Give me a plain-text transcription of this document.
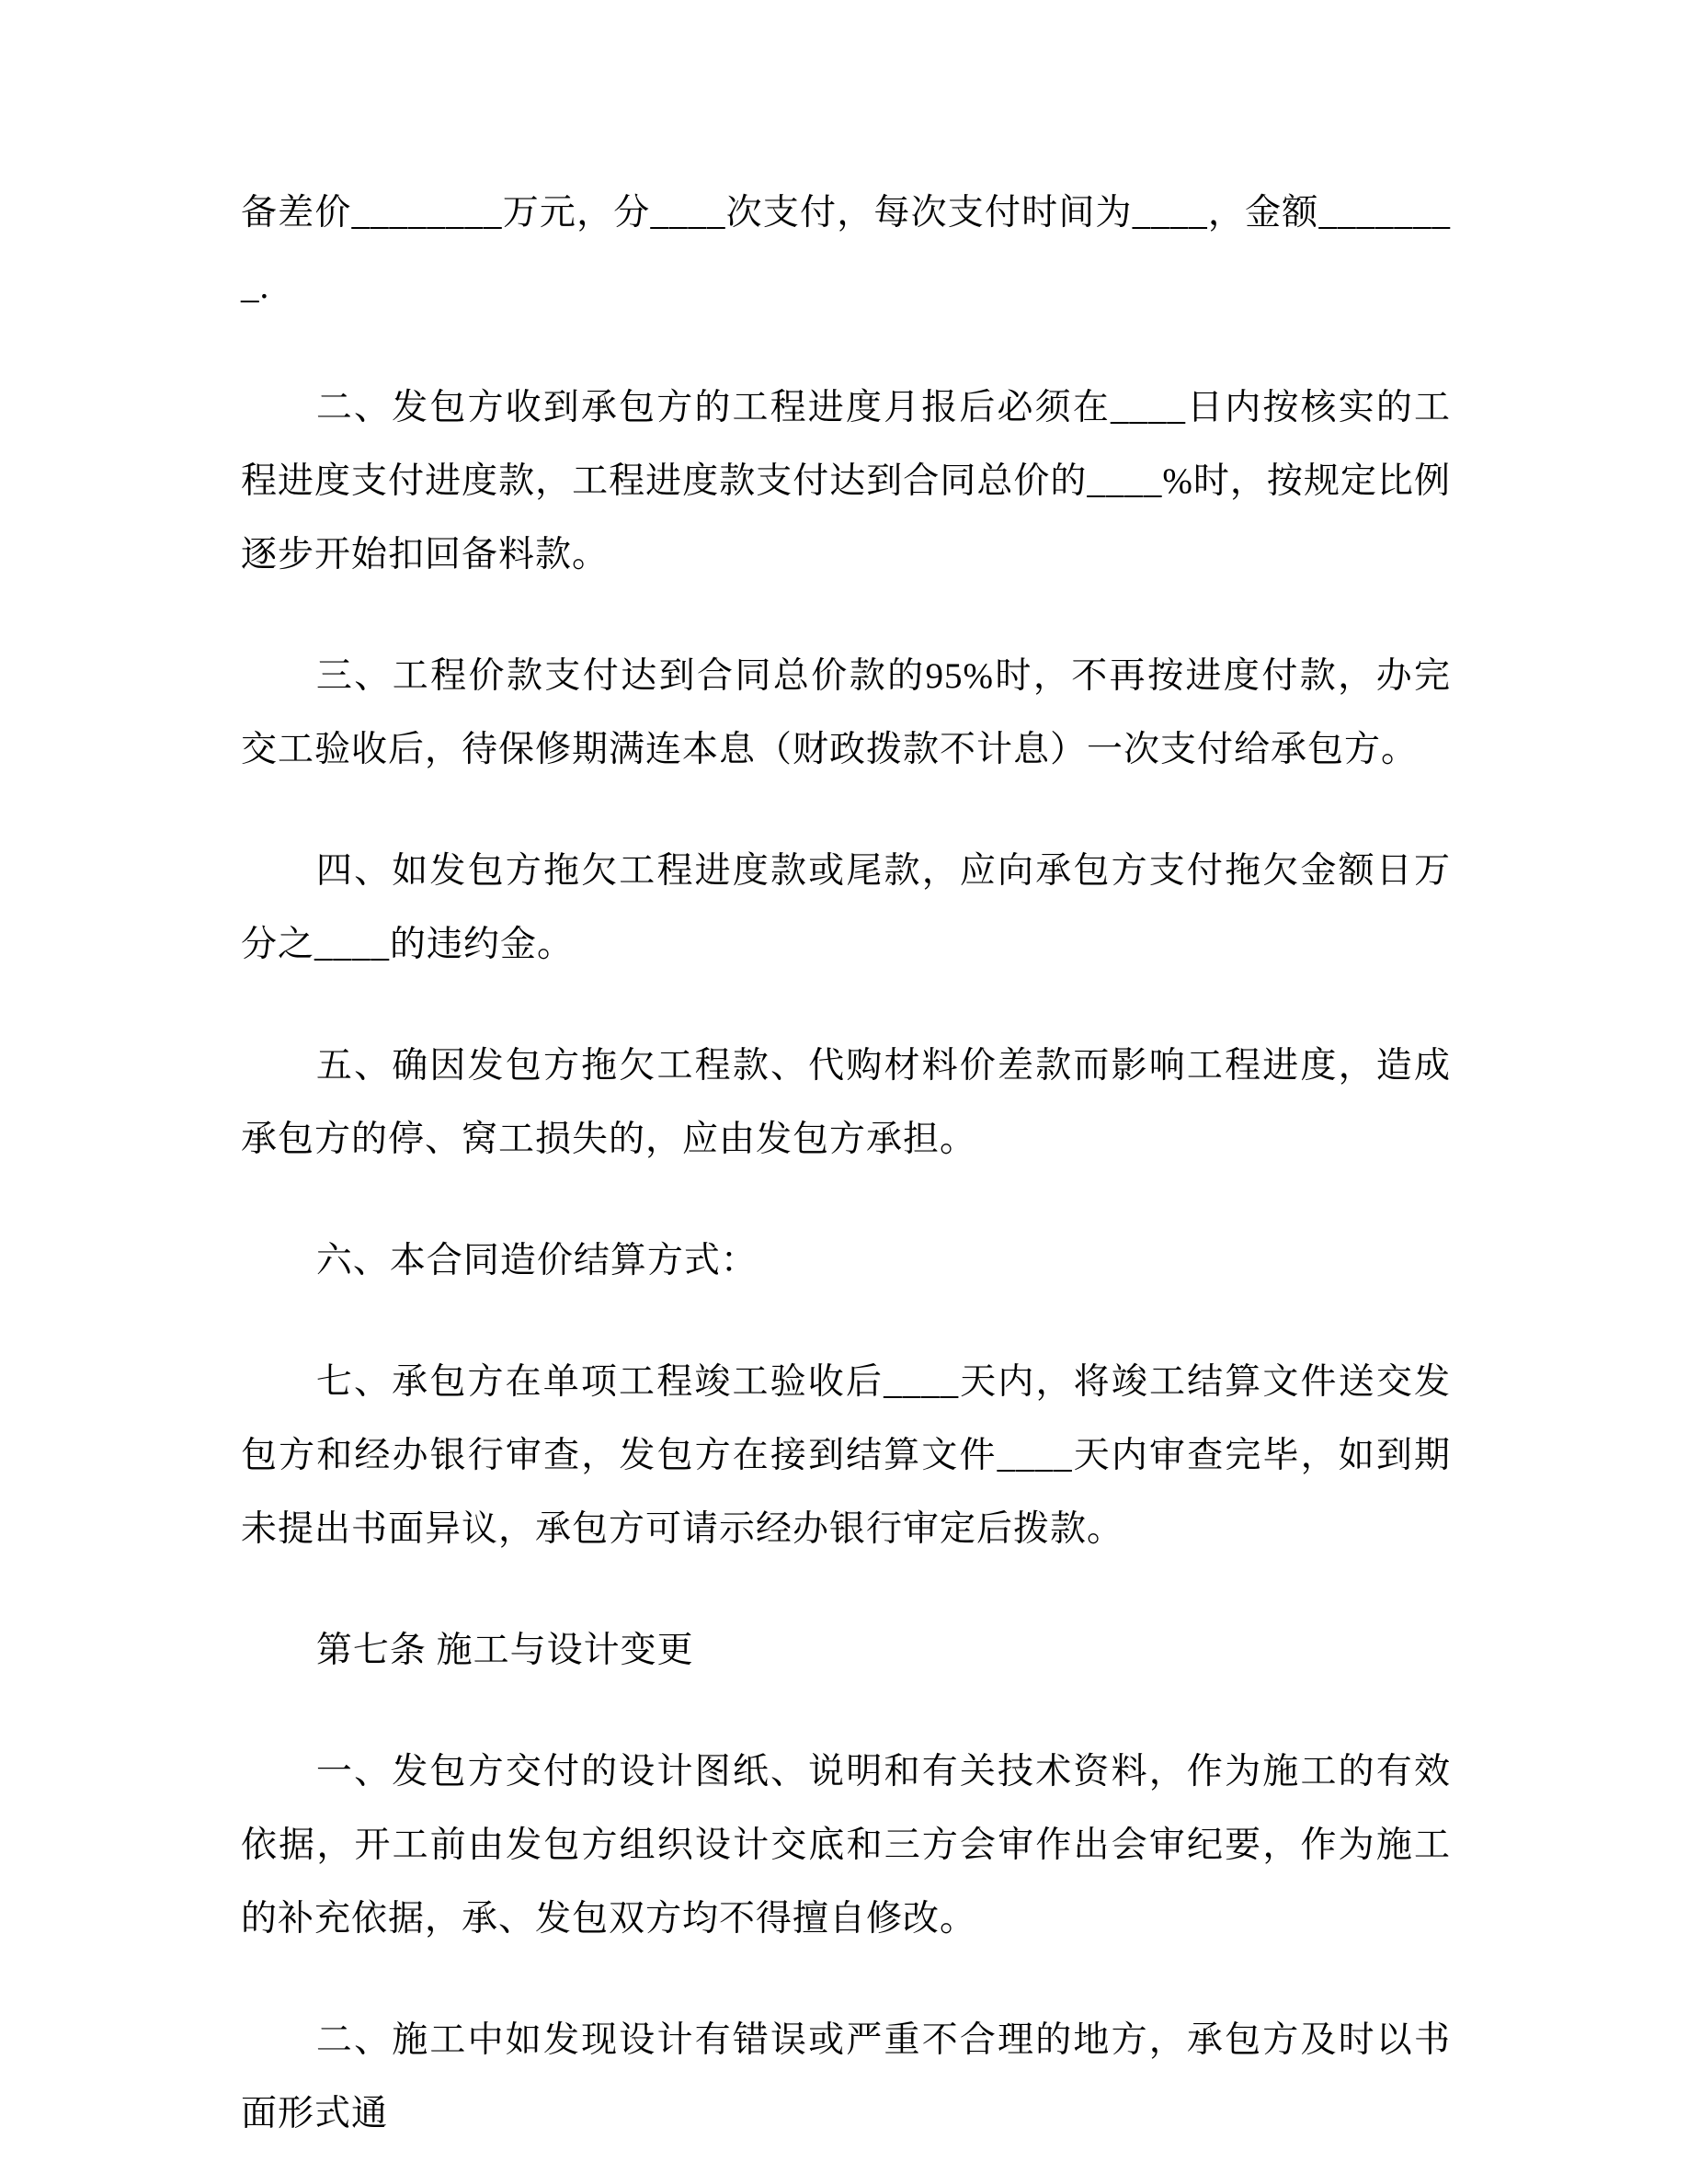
备差价________万元，分____次支付，每次支付时间为____，金额________.

二、发包方收到承包方的工程进度月报后必须在____日内按核实的工程进度支付进度款，工程进度款支付达到合同总价的____%时，按规定比例逐步开始扣回备料款。

三、工程价款支付达到合同总价款的95%时，不再按进度付款，办完交工验收后，待保修期满连本息（财政拨款不计息）一次支付给承包方。

四、如发包方拖欠工程进度款或尾款，应向承包方支付拖欠金额日万分之____的违约金。

五、确因发包方拖欠工程款、代购材料价差款而影响工程进度，造成承包方的停、窝工损失的，应由发包方承担。

六、本合同造价结算方式：

七、承包方在单项工程竣工验收后____天内，将竣工结算文件送交发包方和经办银行审查，发包方在接到结算文件____天内审查完毕，如到期未提出书面异议，承包方可请示经办银行审定后拨款。

第七条 施工与设计变更

一、发包方交付的设计图纸、说明和有关技术资料，作为施工的有效依据，开工前由发包方组织设计交底和三方会审作出会审纪要，作为施工的补充依据，承、发包双方均不得擅自修改。

二、施工中如发现设计有错误或严重不合理的地方，承包方及时以书面形式通
